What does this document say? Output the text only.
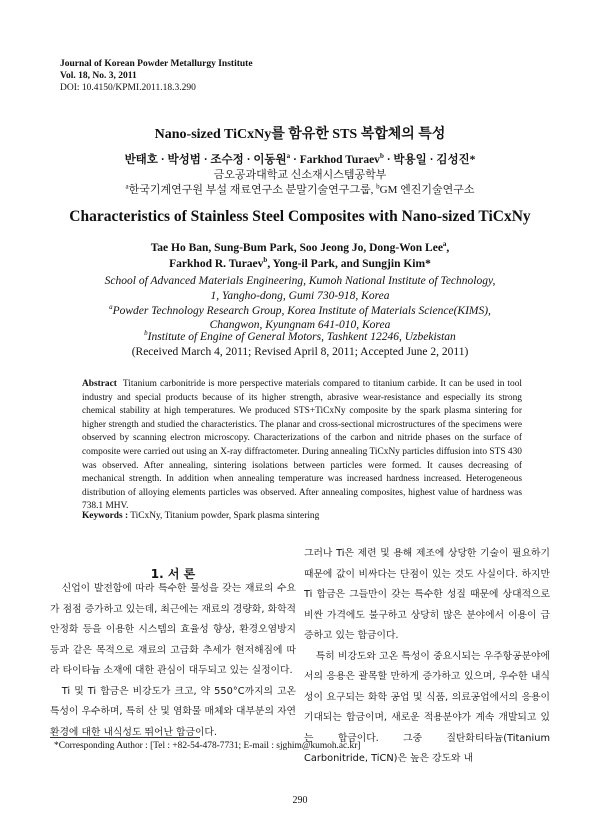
Journal of Korean Powder Metallurgy Institute
Vol. 18, No. 3, 2011
DOI: 10.4150/KPMI.2011.18.3.290
Nano-sized TiCxNy를 함유한 STS 복합체의 특성
반태호 · 박성범 · 조수정 · 이동원$^a$ · Farkhod Turaev$^b$ · 박용일 · 김성진*
금오공과대학교 신소재시스템공학부
$^a$한국기계연구원 부설 재료연구소 분말기술연구그룹, $^b$GM 엔진기술연구소
Characteristics of Stainless Steel Composites with Nano-sized TiCxNy
Tae Ho Ban, Sung-Bum Park, Soo Jeong Jo, Dong-Won Lee$^a$,
Farkhod R. Turaev$^b$, Yong-il Park, and Sungjin Kim*
School of Advanced Materials Engineering, Kumoh National Institute of Technology,
1, Yangho-dong, Gumi 730-918, Korea
$^a$Powder Technology Research Group, Korea Institute of Materials Science(KIMS),
Changwon, Kyungnam 641-010, Korea
$^b$Institute of Engine of General Motors, Tashkent 12246, Uzbekistan
(Received March 4, 2011; Revised April 8, 2011; Accepted June 2, 2011)

Abstract Titanium carbonitride is more perspective materials compared to titanium carbide. It can be used in tool industry and special products because of its higher strength, abrasive wear-resistance and especially its strong chemical stability at high temperatures. We produced STS+TiCxNy composite by the spark plasma sintering for higher strength and studied the characteristics. The planar and cross-sectional microstructures of the specimens were observed by scanning electron microscopy. Characterizations of the carbon and nitride phases on the surface of composite were carried out using an X-ray diffractometer. During annealing TiCxNy particles diffusion into STS 430 was observed. After annealing, sintering isolations between particles were formed. It causes decreasing of mechanical strength. In addition when annealing temperature was increased hardness increased. Heterogeneous distribution of alloying elements particles was observed. After annealing composites, highest value of hardness was 738.1 MHV.

Keywords : TiCxNy, Titanium powder, Spark plasma sintering
1. 서 론

신업이 발전함에 따라 특수한 물성을 갖는 재료의 수요가 점점 증가하고 있는데, 최근에는 재료의 경량화, 화학적 안정화 등을 이용한 시스템의 효율성 향상, 환경오염방지 등과 같은 목적으로 재료의 고급화 추세가 현저해짐에 따라 타이타늄 소재에 대한 관심이 대두되고 있는 실정이다.

Ti 및 Ti 합금은 비강도가 크고, 약 550°C까지의 고온 특성이 우수하며, 특히 산 및 염화물 매체와 대부분의 자연 환경에 대한 내식성도 뛰어난 합금이다.

그러나 Ti은 제련 및 용해 제조에 상당한 기술이 필요하기 때문에 값이 비싸다는 단점이 있는 것도 사실이다. 하지만 Ti 합금은 그들만이 갖는 특수한 성질 때문에 상대적으로 비싼 가격에도 불구하고 상당히 많은 분야에서 이용이 급증하고 있는 합금이다.

특히 비강도와 고온 특성이 중요시되는 우주항공분야에서의 응용은 괄목할 만하게 증가하고 있으며, 우수한 내식성이 요구되는 화학 공업 및 식품, 의료공업에서의 응용이 기대되는 합금이며, 새로운 적용분야가 계속 개발되고 있는 합금이다. 그중 질탄화티타늄(Titanium Carbonitride, TiCN)은 높은 강도와 내

*Corresponding Author : [Tel : +82-54-478-7731; E-mail : sjghim@kumoh.ac.kr]
290
